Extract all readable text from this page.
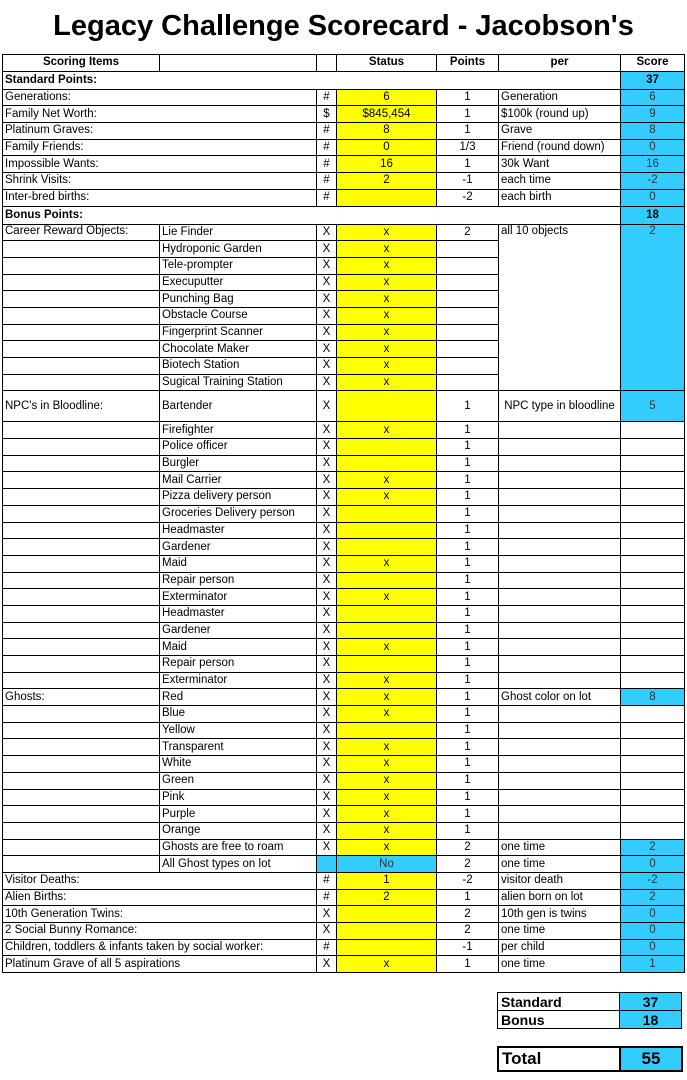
Legacy Challenge Scorecard - Jacobson's
Scoring Items			Status	Points	per	Score
Standard Points:						37
Generations:		#	6	1	Generation	6
Family Net Worth:		$	$845,454	1	$100k (round up)	9
Platinum Graves:		#	8	1	Grave	8
Family Friends:		#	0	1/3	Friend (round down)	0
Impossible Wants:		#	16	1	30k Want	16
Shrink Visits:		#	2	-1	each time	-2
Inter-bred births:		#		-2	each birth	0
Bonus Points:						18
Career Reward Objects:	Lie Finder	X	x	2	all 10 objects	2
	Hydroponic Garden	X	x			
	Tele-prompter	X	x			
	Execuputter	X	x			
	Punching Bag	X	x			
	Obstacle Course	X	x			
	Fingerprint Scanner	X	x			
	Chocolate Maker	X	x			
	Biotech Station	X	x			
	Sugical Training Station	X	x			
NPC's in Bloodline:	Bartender	X		1	NPC type in bloodline	5
	Firefighter	X	x	1		
	Police officer	X		1		
	Burgler	X		1		
	Mail Carrier	X	x	1		
	Pizza delivery person	X	x	1		
	Groceries Delivery person	X		1		
	Headmaster	X		1		
	Gardener	X		1		
	Maid	X	x	1		
	Repair person	X		1		
	Exterminator	X	x	1		
	Headmaster	X		1		
	Gardener	X		1		
	Maid	X	x	1		
	Repair person	X		1		
	Exterminator	X	x	1		
Ghosts:	Red	X	x	1	Ghost color on lot	8
	Blue	X	x	1		
	Yellow	X		1		
	Transparent	X	x	1		
	White	X	x	1		
	Green	X	x	1		
	Pink	X	x	1		
	Purple	X	x	1		
	Orange	X	x	1		
	Ghosts are free to roam	X	x	2	one time	2
	All Ghost types on lot		No	2	one time	0
Visitor Deaths:		#	1	-2	visitor death	-2
Alien Births:		#	2	1	alien born on lot	2
10th Generation Twins:		X		2	10th gen is twins	0
2 Social Bunny Romance:		X		2	one time	0
Children, toddlers & infants taken by social worker:		#		-1	per child	0
Platinum Grave of all 5 aspirations		X	x	1	one time	1
Standard	37
Bonus	18
Total	55
